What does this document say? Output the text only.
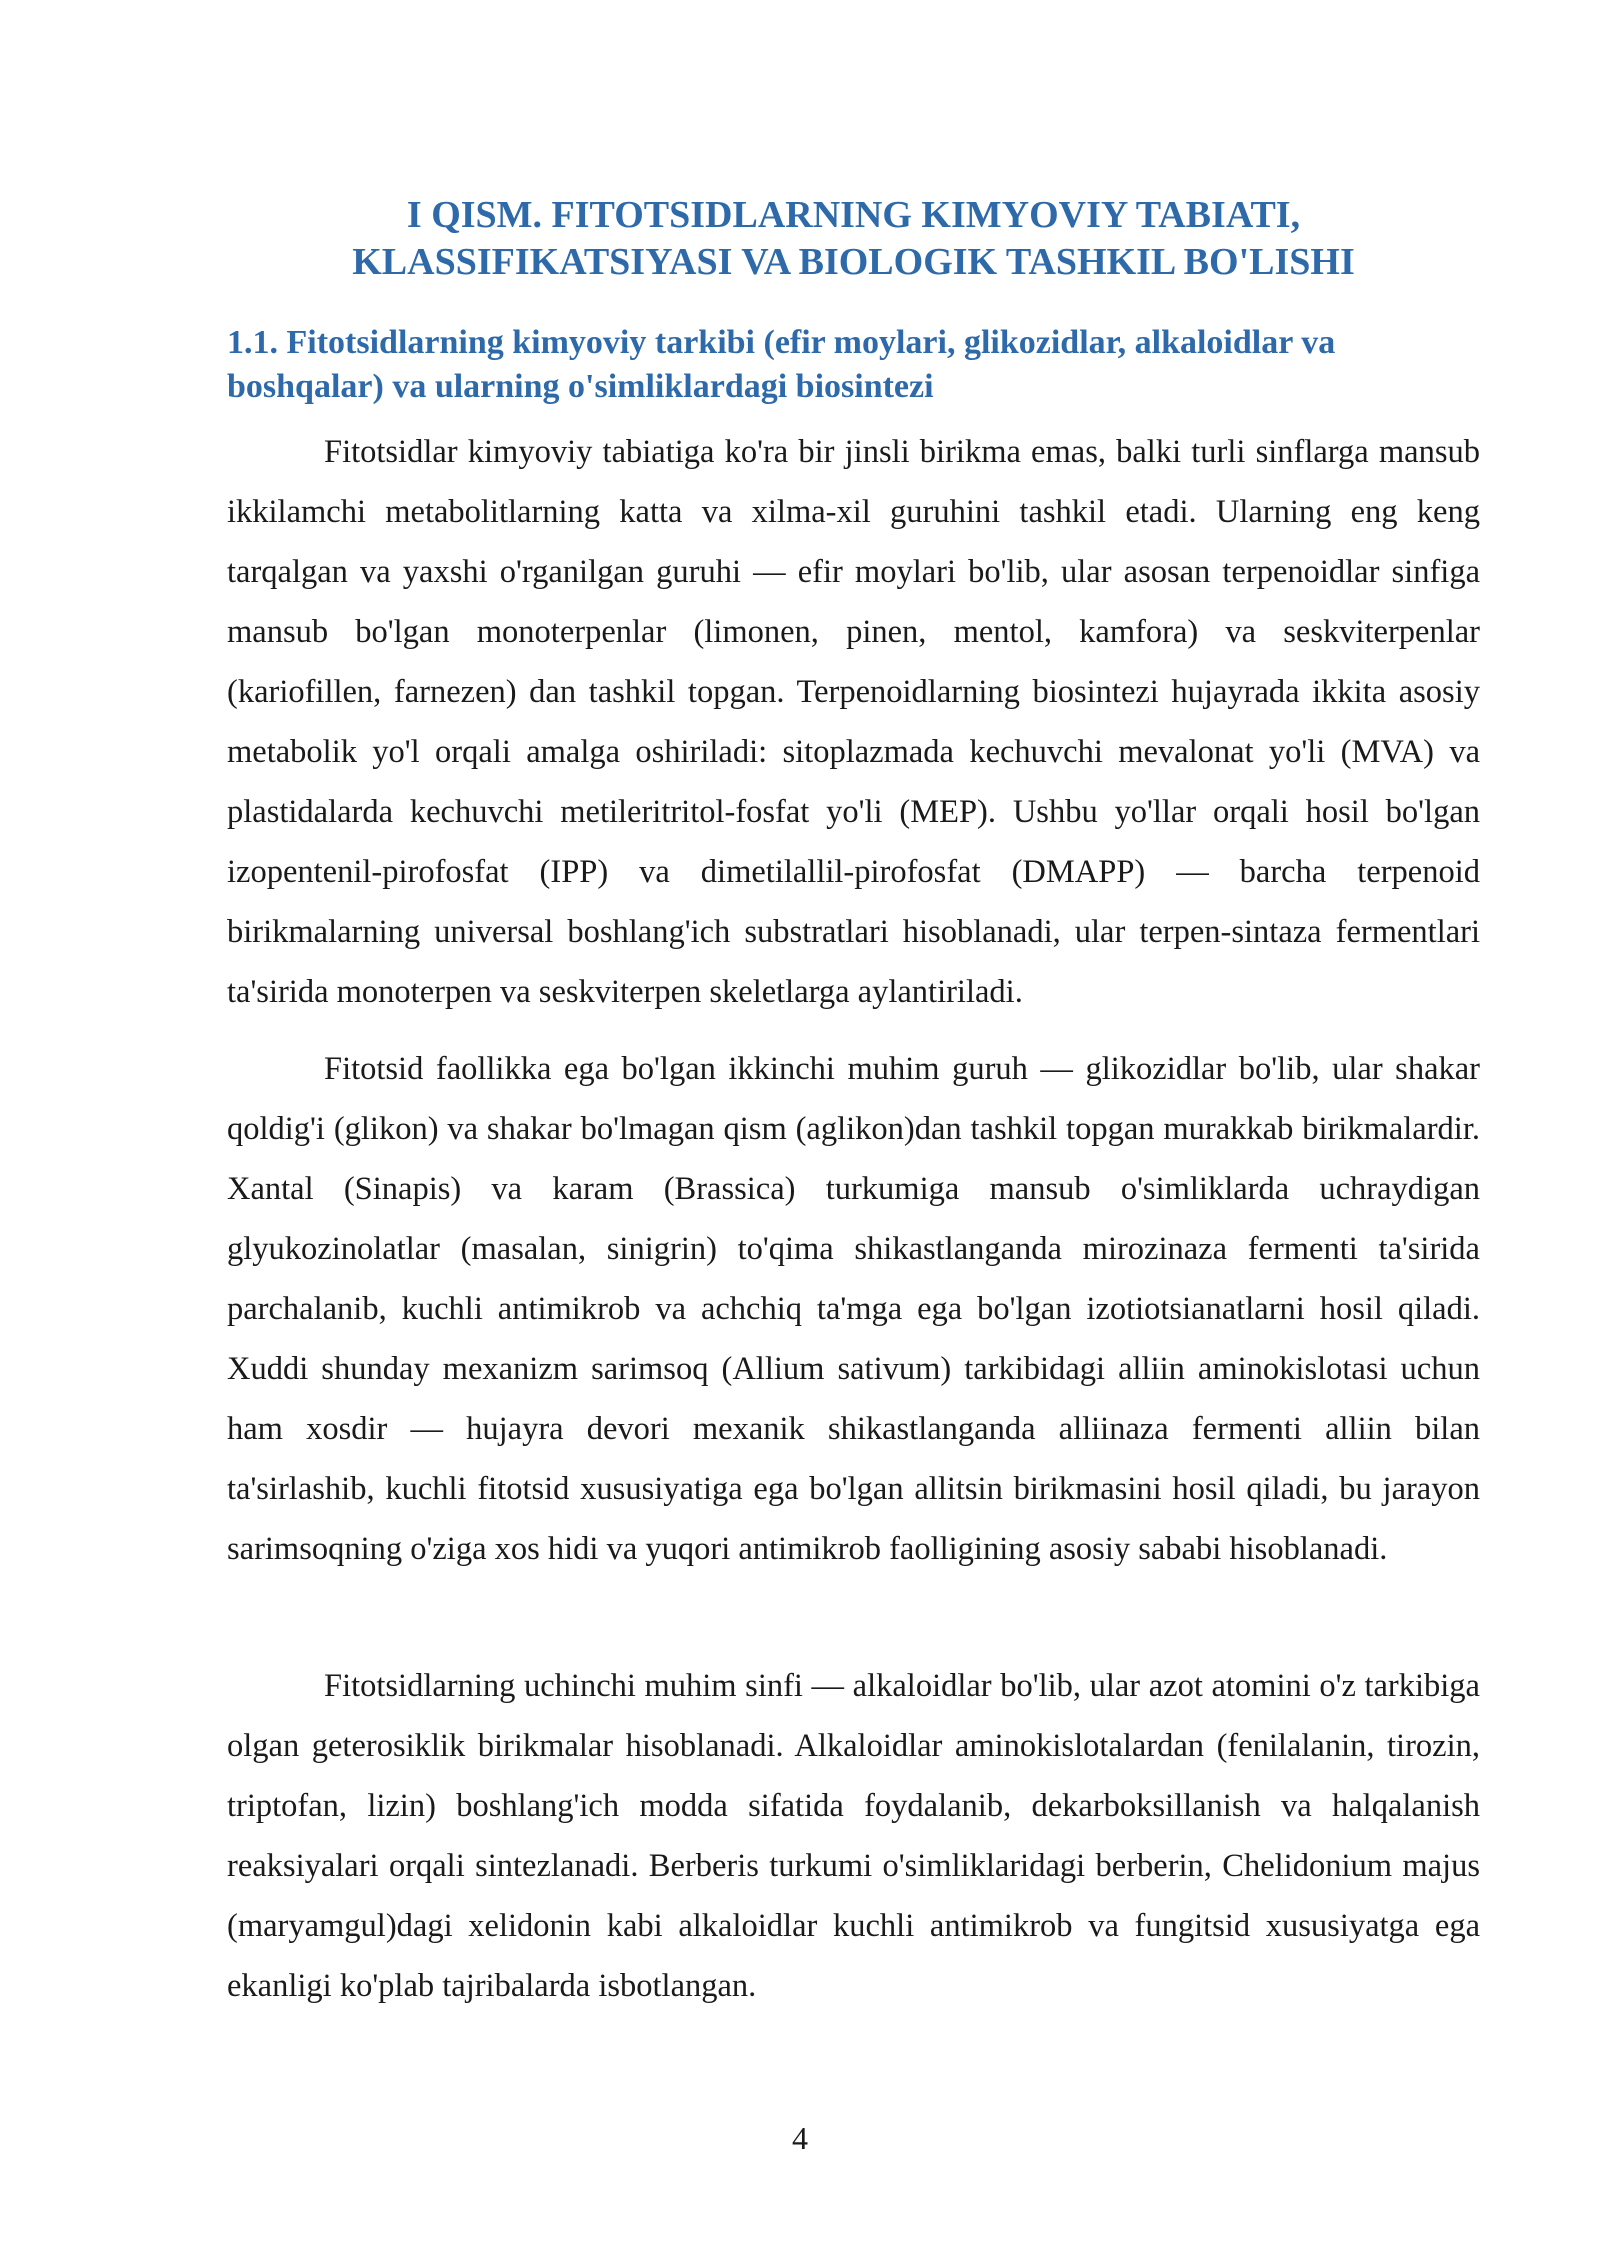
I QISM. FITOTSIDLARNING KIMYOVIY TABIATI,
KLASSIFIKATSIYASI VA BIOLOGIK TASHKIL BO'LISHI
1.1. Fitotsidlarning kimyoviy tarkibi (efir moylari, glikozidlar, alkaloidlar va boshqalar) va ularning o'simliklardagi biosintezi

Fitotsidlar kimyoviy tabiatiga ko'ra bir jinsli birikma emas, balki turli sinflarga mansub ikkilamchi metabolitlarning katta va xilma-xil guruhini tashkil etadi. Ularning eng keng tarqalgan va yaxshi o'rganilgan guruhi — efir moylari bo'lib, ular asosan terpenoidlar sinfiga mansub bo'lgan monoterpenlar (limonen, pinen, mentol, kamfora) va seskviterpenlar (kariofillen, farnezen) dan tashkil topgan. Terpenoidlarning biosintezi hujayrada ikkita asosiy metabolik yo'l orqali amalga oshiriladi: sitoplazmada kechuvchi mevalonat yo'li (MVA) va plastidalarda kechuvchi metileritritol-fosfat yo'li (MEP). Ushbu yo'llar orqali hosil bo'lgan izopentenil-pirofosfat (IPP) va dimetilallil-pirofosfat (DMAPP) — barcha terpenoid birikmalarning universal boshlang'ich substratlari hisoblanadi, ular terpen-sintaza fermentlari ta'sirida monoterpen va seskviterpen skeletlarga aylantiriladi.

Fitotsid faollikka ega bo'lgan ikkinchi muhim guruh — glikozidlar bo'lib, ular shakar qoldig'i (glikon) va shakar bo'lmagan qism (aglikon)dan tashkil topgan murakkab birikmalardir. Xantal (Sinapis) va karam (Brassica) turkumiga mansub o'simliklarda uchraydigan glyukozinolatlar (masalan, sinigrin) to'qima shikastlanganda mirozinaza fermenti ta'sirida parchalanib, kuchli antimikrob va achchiq ta'mga ega bo'lgan izotiotsianatlarni hosil qiladi. Xuddi shunday mexanizm sarimsoq (Allium sativum) tarkibidagi alliin aminokislotasi uchun ham xosdir — hujayra devori mexanik shikastlanganda alliinaza fermenti alliin bilan ta'sirlashib, kuchli fitotsid xususiyatiga ega bo'lgan allitsin birikmasini hosil qiladi, bu jarayon sarimsoqning o'ziga xos hidi va yuqori antimikrob faolligining asosiy sababi hisoblanadi.

Fitotsidlarning uchinchi muhim sinfi — alkaloidlar bo'lib, ular azot atomini o'z tarkibiga olgan geterosiklik birikmalar hisoblanadi. Alkaloidlar aminokislotalardan (fenilalanin, tirozin, triptofan, lizin) boshlang'ich modda sifatida foydalanib, dekarboksillanish va halqalanish reaksiyalari orqali sintezlanadi. Berberis turkumi o'simliklaridagi berberin, Chelidonium majus (maryamgul)dagi xelidonin kabi alkaloidlar kuchli antimikrob va fungitsid xususiyatga ega ekanligi ko'plab tajribalarda isbotlangan.

4
